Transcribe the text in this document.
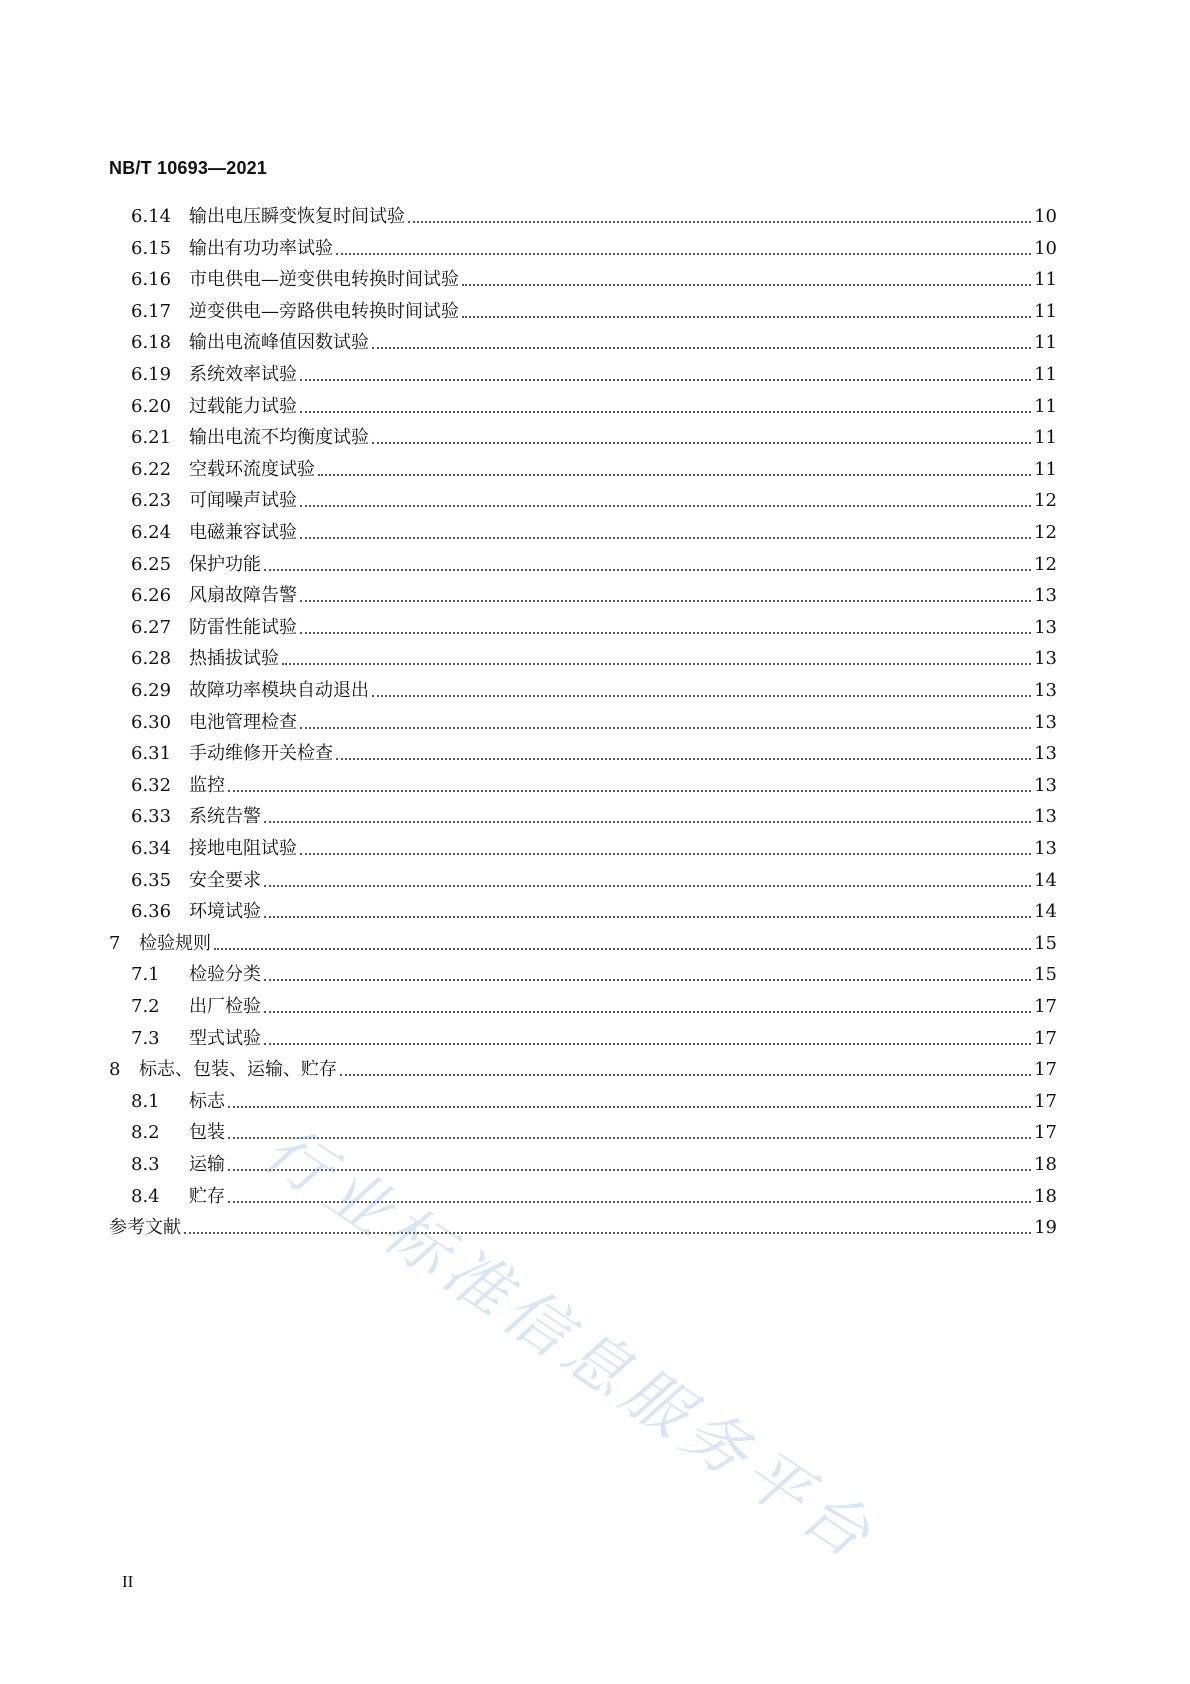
NB/T 10693—2021
6.14 输出电压瞬变恢复时间试验	10
6.15 输出有功功率试验	10
6.16 市电供电—逆变供电转换时间试验	11
6.17 逆变供电—旁路供电转换时间试验	11
6.18 输出电流峰值因数试验	11
6.19 系统效率试验	11
6.20 过载能力试验	11
6.21 输出电流不均衡度试验	11
6.22 空载环流度试验	11
6.23 可闻噪声试验	12
6.24 电磁兼容试验	12
6.25 保护功能	12
6.26 风扇故障告警	13
6.27 防雷性能试验	13
6.28 热插拔试验	13
6.29 故障功率模块自动退出	13
6.30 电池管理检查	13
6.31 手动维修开关检查	13
6.32 监控	13
6.33 系统告警	13
6.34 接地电阻试验	13
6.35 安全要求	14
6.36 环境试验	14
7	检验规则	15
7.1	检验分类	15
7.2	出厂检验	17
7.3	型式试验	17
8	标志、包装、运输、贮存	17
8.1	标志	17
8.2	包装	17
8.3	运输	18
8.4	贮存	18
参考文献	19
行业标准信息服务平台
II
